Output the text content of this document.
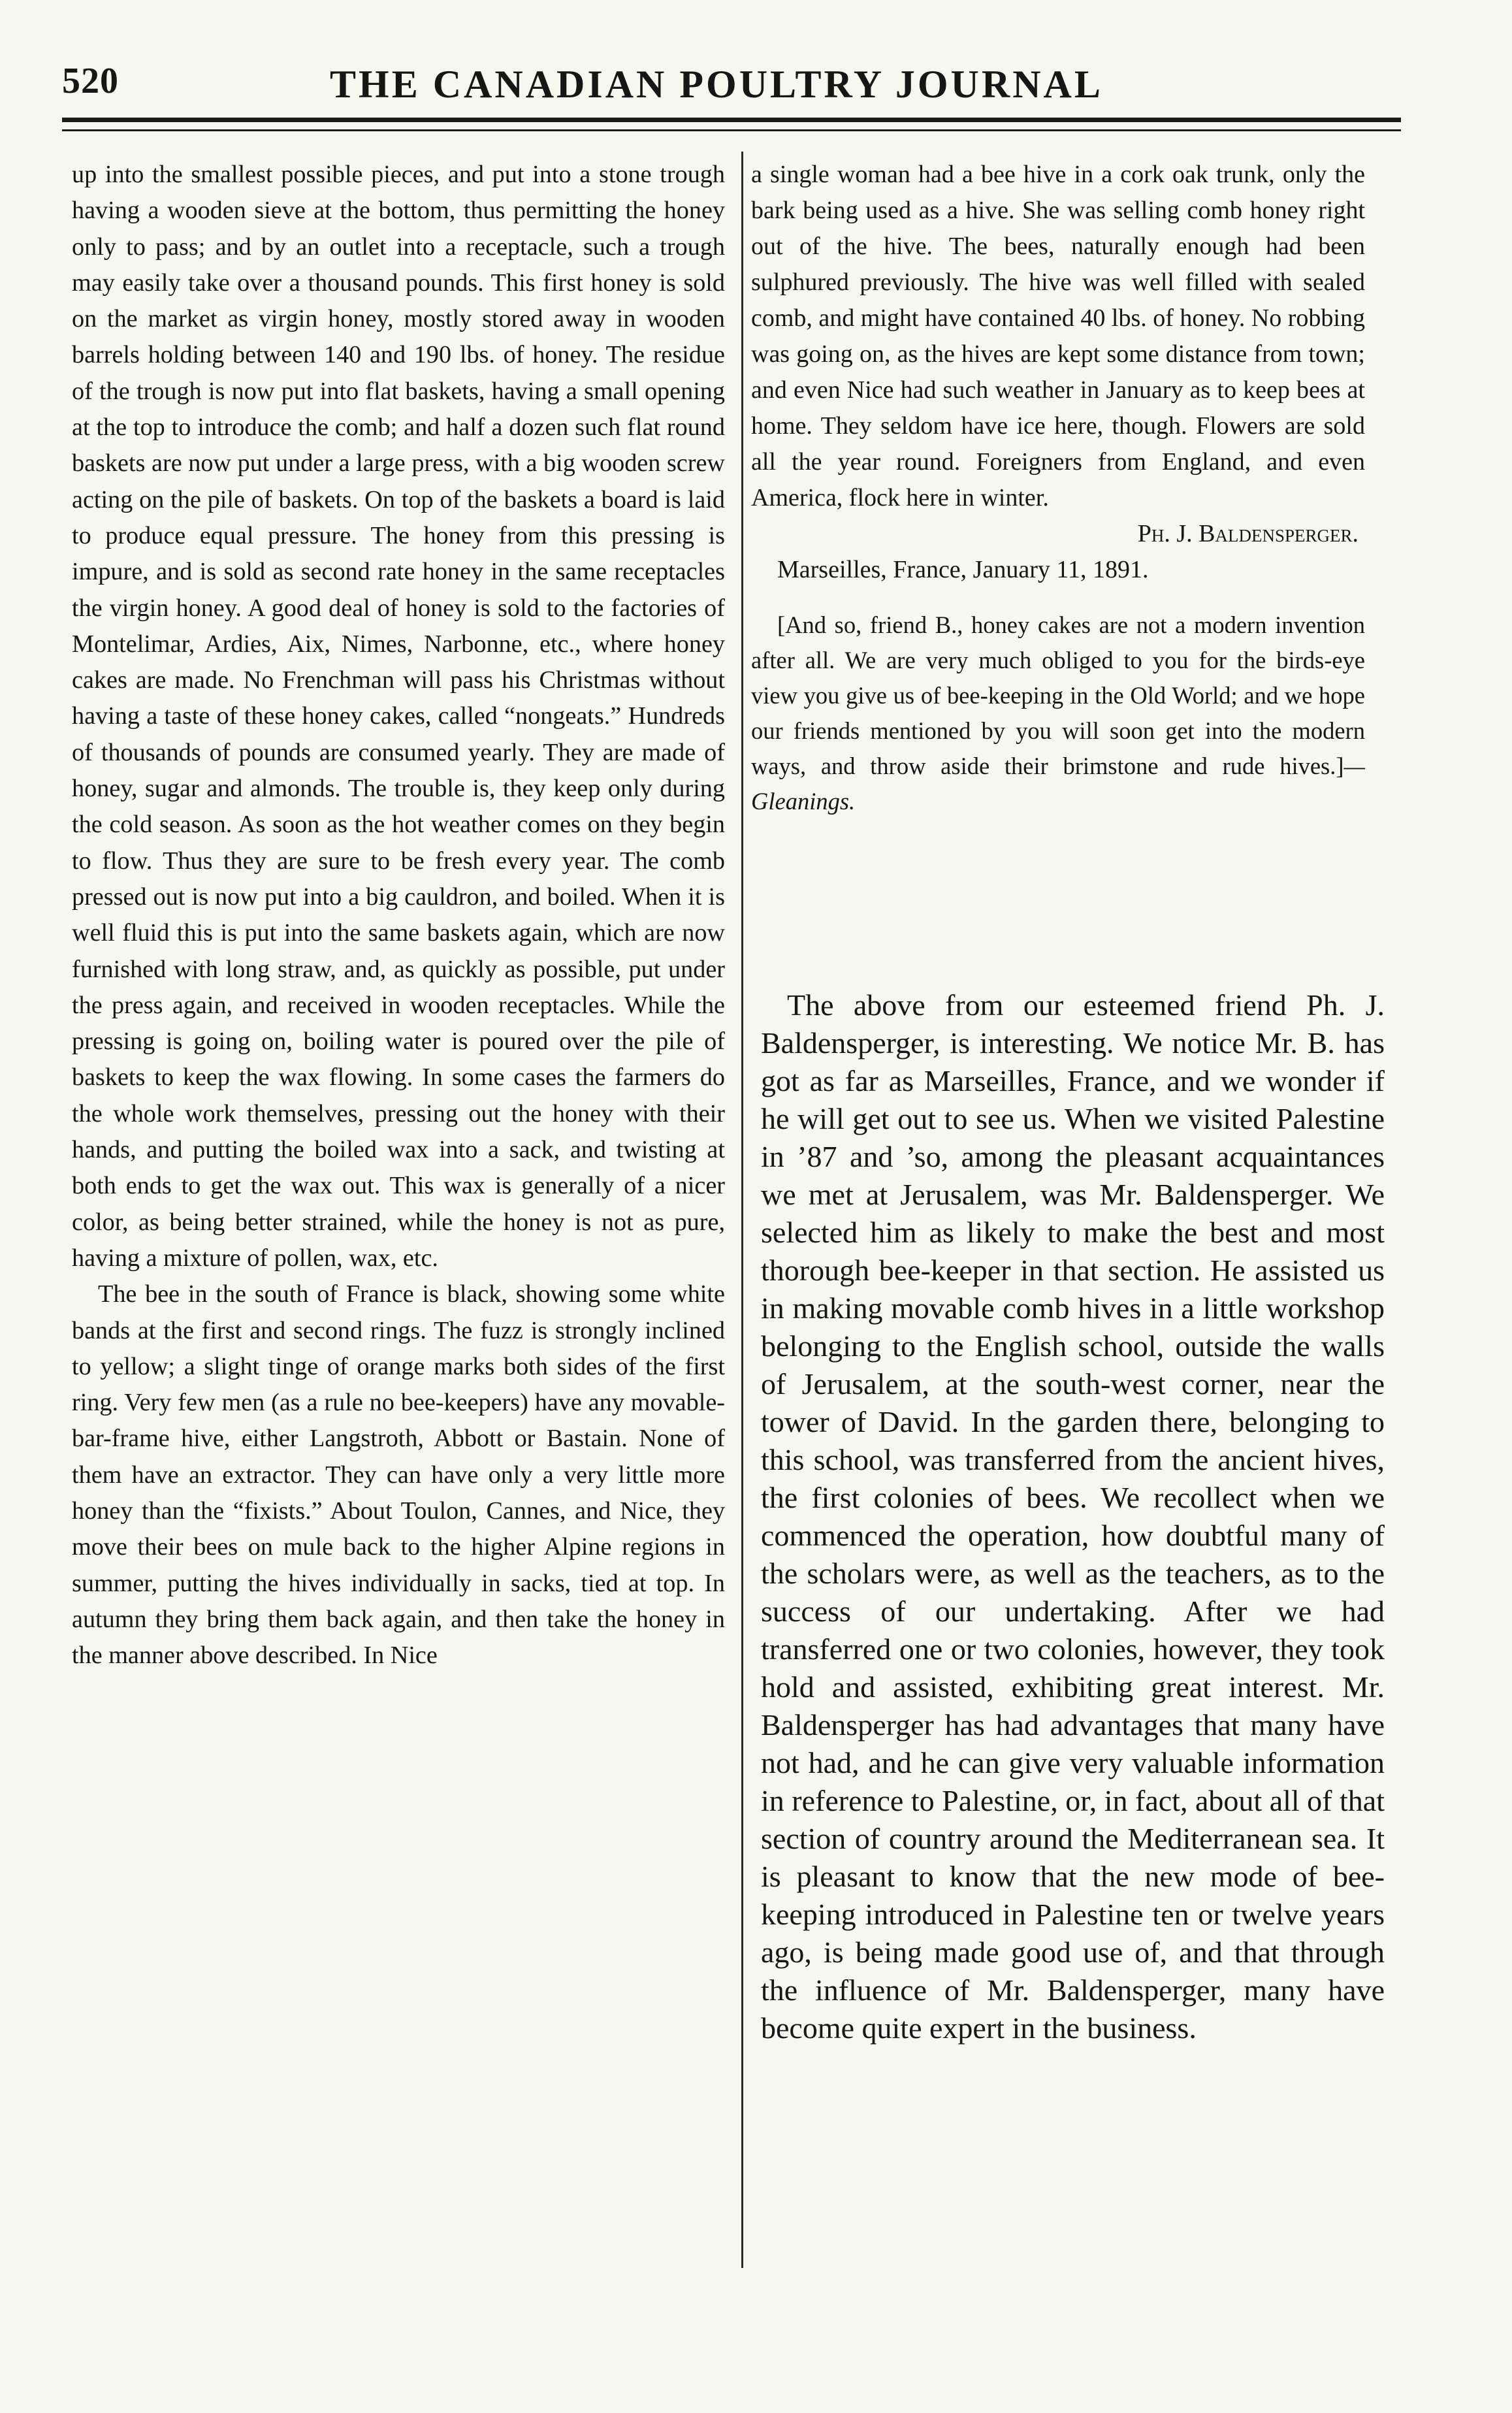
520	THE CANADIAN POULTRY JOURNAL

up into the smallest possible pieces, and put into a stone trough having a wooden sieve at the bottom, thus permitting the honey only to pass; and by an outlet into a receptacle, such a trough may easily take over a thousand pounds. This first honey is sold on the market as virgin honey, mostly stored away in wooden barrels holding between 140 and 190 lbs. of honey. The residue of the trough is now put into flat baskets, having a small opening at the top to introduce the comb; and half a dozen such flat round baskets are now put under a large press, with a big wooden screw acting on the pile of baskets. On top of the baskets a board is laid to produce equal pressure. The honey from this pressing is impure, and is sold as second rate honey in the same receptacles the virgin honey. A good deal of honey is sold to the factories of Montelimar, Ardies, Aix, Nimes, Narbonne, etc., where honey cakes are made. No Frenchman will pass his Christmas without having a taste of these honey cakes, called “nongeats.” Hundreds of thousands of pounds are consumed yearly. They are made of honey, sugar and almonds. The trouble is, they keep only during the cold season. As soon as the hot weather comes on they begin to flow. Thus they are sure to be fresh every year. The comb pressed out is now put into a big cauldron, and boiled. When it is well fluid this is put into the same baskets again, which are now furnished with long straw, and, as quickly as possible, put under the press again, and received in wooden receptacles. While the pressing is going on, boiling water is poured over the pile of baskets to keep the wax flowing. In some cases the farmers do the whole work themselves, pressing out the honey with their hands, and putting the boiled wax into a sack, and twisting at both ends to get the wax out. This wax is generally of a nicer color, as being better strained, while the honey is not as pure, having a mixture of pollen, wax, etc.

The bee in the south of France is black, showing some white bands at the first and second rings. The fuzz is strongly inclined to yellow; a slight tinge of orange marks both sides of the first ring. Very few men (as a rule no bee-keepers) have any movable-bar-frame hive, either Langstroth, Abbott or Bastain. None of them have an extractor. They can have only a very little more honey than the “fixists.” About Toulon, Cannes, and Nice, they move their bees on mule back to the higher Alpine regions in summer, putting the hives individually in sacks, tied at top. In autumn they bring them back again, and then take the honey in the manner above described. In Nice

a single woman had a bee hive in a cork oak trunk, only the bark being used as a hive. She was selling comb honey right out of the hive. The bees, naturally enough had been sulphured previously. The hive was well filled with sealed comb, and might have contained 40 lbs. of honey. No robbing was going on, as the hives are kept some distance from town; and even Nice had such weather in January as to keep bees at home. They seldom have ice here, though. Flowers are sold all the year round. Foreigners from England, and even America, flock here in winter.

Ph. J. Baldensperger.

Marseilles, France, January 11, 1891.

[And so, friend B., honey cakes are not a modern invention after all. We are very much obliged to you for the birds-eye view you give us of bee-keeping in the Old World; and we hope our friends mentioned by you will soon get into the modern ways, and throw aside their brimstone and rude hives.]—Gleanings.

The above from our esteemed friend Ph. J. Baldensperger, is interesting. We notice Mr. B. has got as far as Marseilles, France, and we wonder if he will get out to see us. When we visited Palestine in ’87 and ’so, among the pleasant acquaintances we met at Jerusalem, was Mr. Baldensperger. We selected him as likely to make the best and most thorough bee-keeper in that section. He assisted us in making movable comb hives in a little workshop belonging to the English school, outside the walls of Jerusalem, at the south-west corner, near the tower of David. In the garden there, belonging to this school, was transferred from the ancient hives, the first colonies of bees. We recollect when we commenced the operation, how doubtful many of the scholars were, as well as the teachers, as to the success of our undertaking. After we had transferred one or two colonies, however, they took hold and assisted, exhibiting great interest. Mr. Baldensperger has had advantages that many have not had, and he can give very valuable information in reference to Palestine, or, in fact, about all of that section of country around the Mediterranean sea. It is pleasant to know that the new mode of bee-keeping introduced in Palestine ten or twelve years ago, is being made good use of, and that through the influence of Mr. Baldensperger, many have become quite expert in the business.
